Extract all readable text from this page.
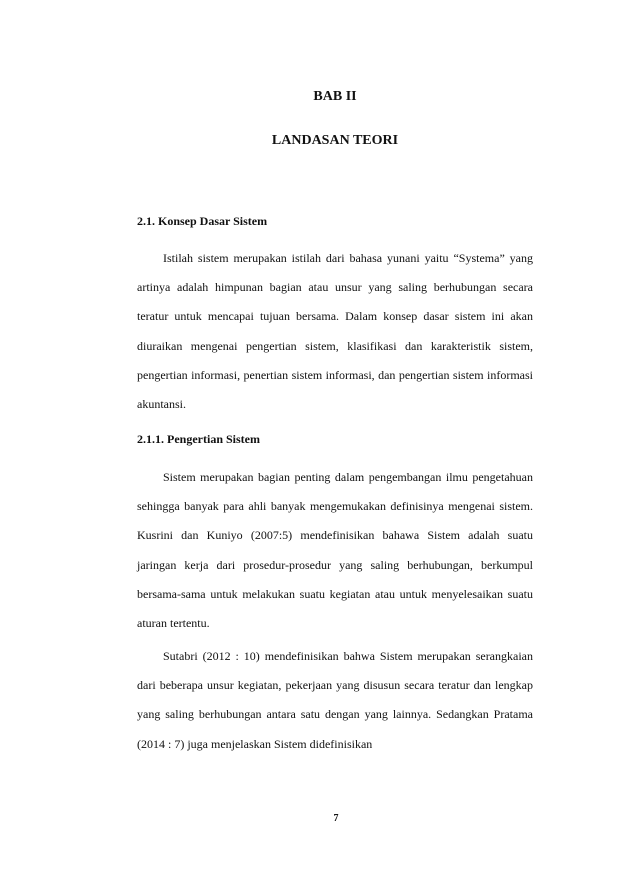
BAB II
LANDASAN TEORI
2.1. Konsep Dasar Sistem

Istilah sistem merupakan istilah dari bahasa yunani yaitu “Systema” yang artinya adalah himpunan bagian atau unsur yang saling berhubungan secara teratur untuk mencapai tujuan bersama. Dalam konsep dasar sistem ini akan diuraikan mengenai pengertian sistem, klasifikasi dan karakteristik sistem, pengertian informasi, penertian sistem informasi, dan pengertian sistem informasi akuntansi.

2.1.1. Pengertian Sistem

Sistem merupakan bagian penting dalam pengembangan ilmu pengetahuan sehingga banyak para ahli banyak mengemukakan definisinya mengenai sistem. Kusrini dan Kuniyo (2007:5) mendefinisikan bahawa Sistem adalah suatu jaringan kerja dari prosedur-prosedur yang saling berhubungan, berkumpul bersama-sama untuk melakukan suatu kegiatan atau untuk menyelesaikan suatu aturan tertentu.

Sutabri (2012 : 10) mendefinisikan bahwa Sistem merupakan serangkaian dari beberapa unsur kegiatan, pekerjaan yang disusun secara teratur dan lengkap yang saling berhubungan antara satu dengan yang lainnya. Sedangkan Pratama (2014 : 7) juga menjelaskan Sistem didefinisikan

7
